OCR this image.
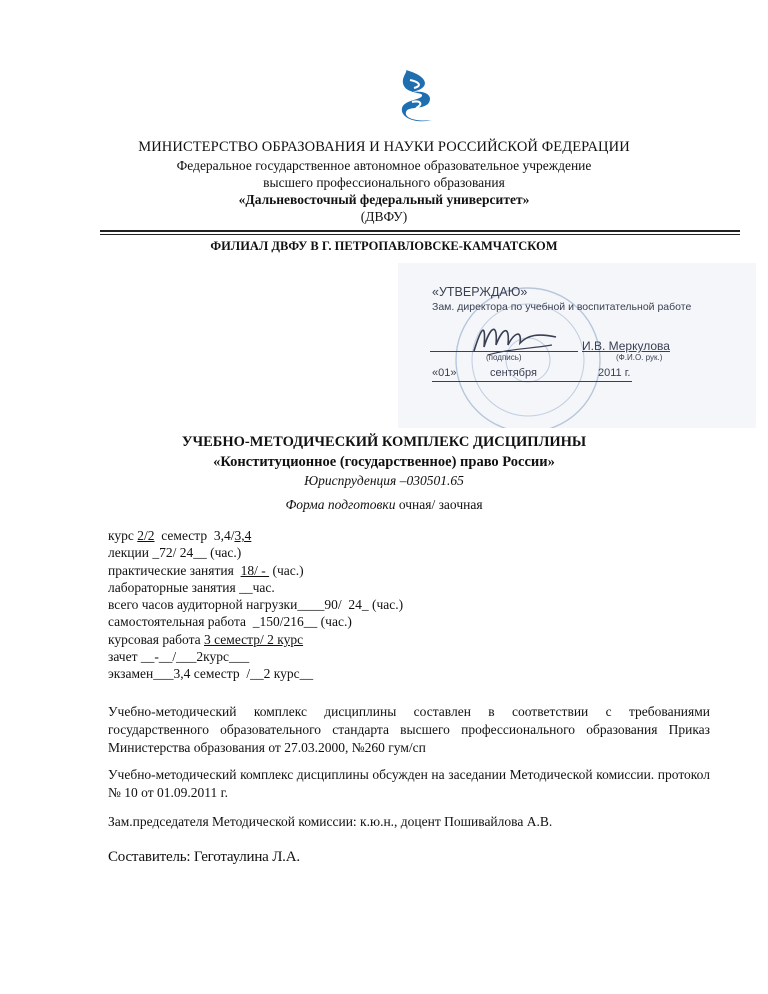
МИНИСТЕРСТВО ОБРАЗОВАНИЯ И НАУКИ РОССИЙСКОЙ ФЕДЕРАЦИИ
Федеральное государственное автономное образовательное учреждение
высшего профессионального образования
«Дальневосточный федеральный университет»
(ДВФУ)
ФИЛИАЛ ДВФУ В Г. ПЕТРОПАВЛОВСКЕ-КАМЧАТСКОМ
«УТВЕРЖДАЮ»
Зам. директора по учебной и воспитательной работе
И.В. Меркулова
(подпись)	(Ф.И.О. рук.)
«01»	сентября	2011 г.
УЧЕБНО-МЕТОДИЧЕСКИЙ КОМПЛЕКС ДИСЦИПЛИНЫ
«Конституционное (государственное) право России»
Юриспруденция –030501.65
Форма подготовки очная/ заочная
курс 2/2  семестр  3,4/3,4
лекции _72/ 24__ (час.)
практические занятия  18/ -  (час.)
лабораторные занятия __час.
всего часов аудиторной нагрузки____90/  24_ (час.)
самостоятельная работа  _150/216__ (час.)
курсовая работа 3 семестр/ 2 курс
зачет __-__/___2курс___
экзамен___3,4 семестр  /__2 курс__
Учебно-методический комплекс дисциплины составлен в соответствии с требованиями государственного образовательного стандарта высшего профессионального образования Приказ Министерства образования от 27.03.2000, №260 гум/сп
Учебно-методический комплекс дисциплины обсужден на заседании Методической комиссии. протокол № 10 от 01.09.2011 г.
Зам.председателя Методической комиссии: к.ю.н., доцент Пошивайлова А.В.
Составитель: Геготаулина Л.А.
